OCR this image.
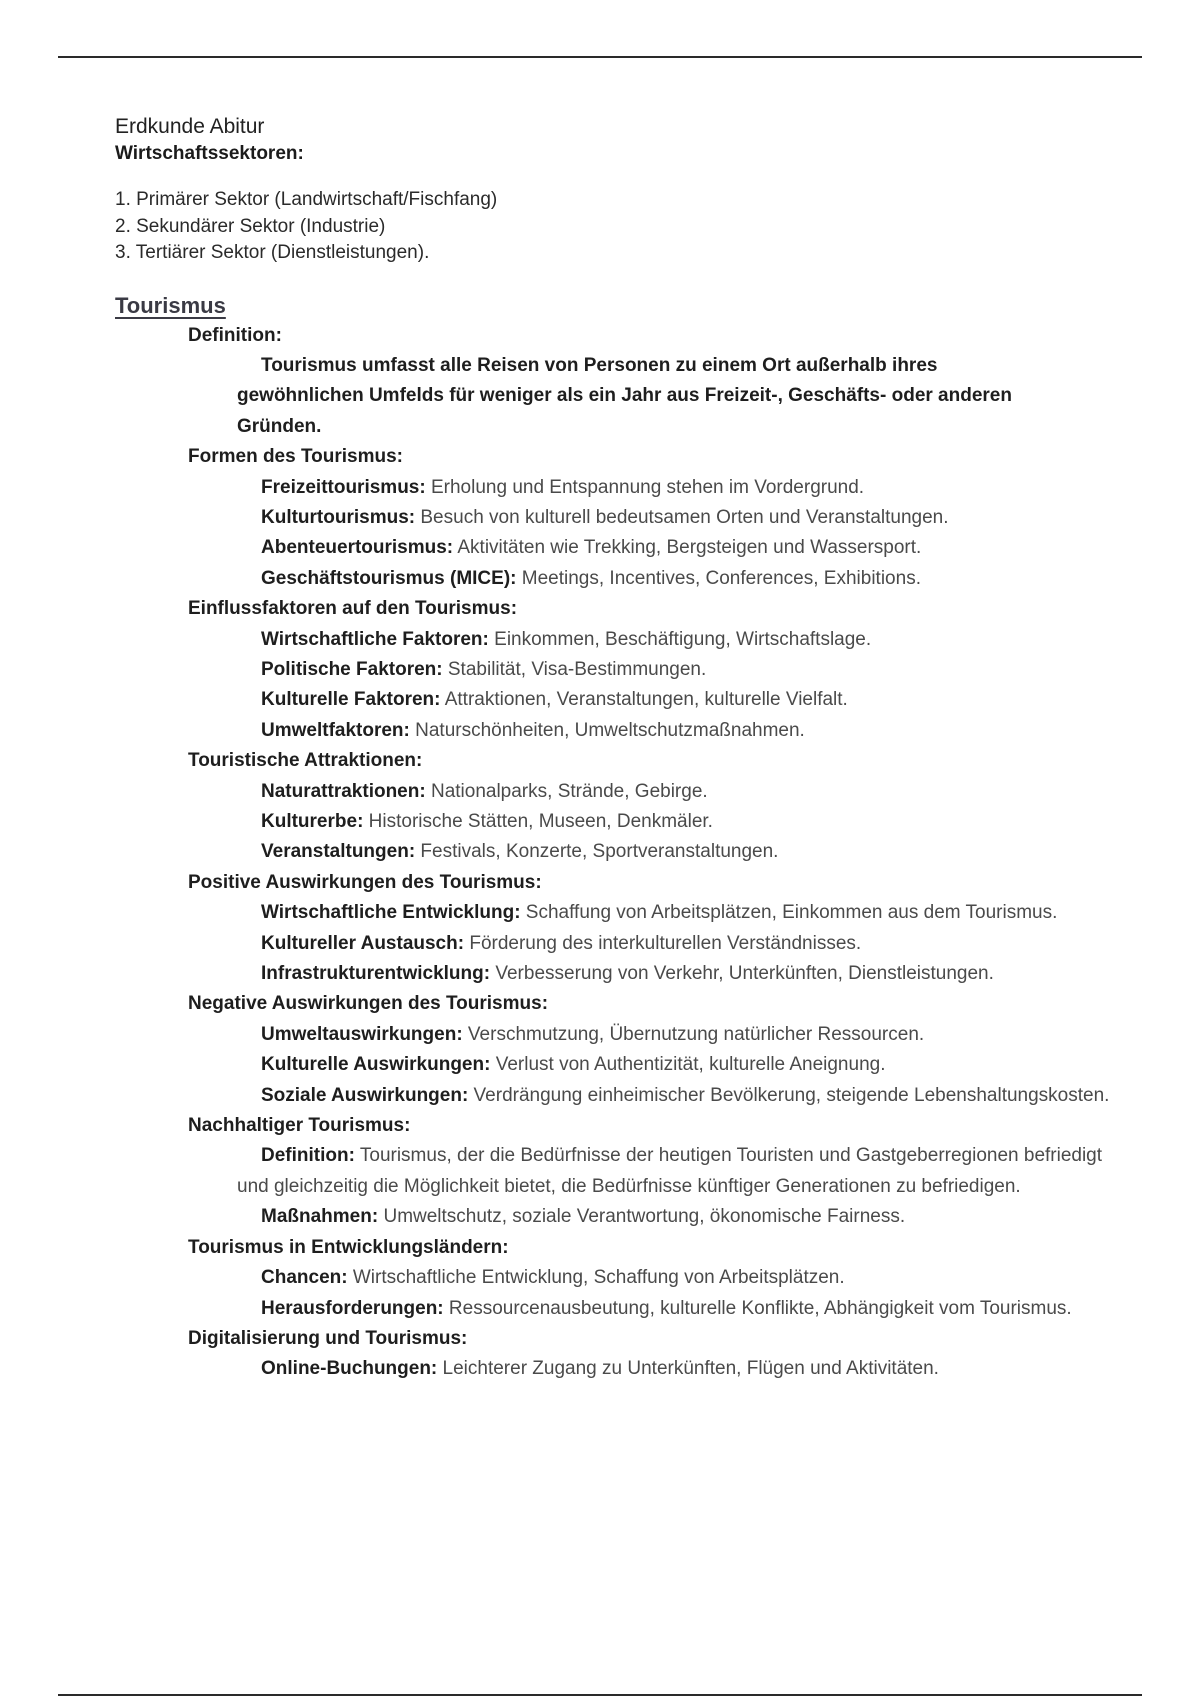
Erdkunde Abitur
Wirtschaftssektoren:
1. Primärer Sektor (Landwirtschaft/Fischfang)
2. Sekundärer Sektor (Industrie)
3. Tertiärer Sektor (Dienstleistungen).
Tourismus
Definition:
Tourismus umfasst alle Reisen von Personen zu einem Ort außerhalb ihres gewöhnlichen Umfelds für weniger als ein Jahr aus Freizeit-, Geschäfts- oder anderen Gründen.
Formen des Tourismus:
Freizeittourismus: Erholung und Entspannung stehen im Vordergrund.
Kulturtourismus: Besuch von kulturell bedeutsamen Orten und Veranstaltungen.
Abenteuertourismus: Aktivitäten wie Trekking, Bergsteigen und Wassersport.
Geschäftstourismus (MICE): Meetings, Incentives, Conferences, Exhibitions.
Einflussfaktoren auf den Tourismus:
Wirtschaftliche Faktoren: Einkommen, Beschäftigung, Wirtschaftslage.
Politische Faktoren: Stabilität, Visa-Bestimmungen.
Kulturelle Faktoren: Attraktionen, Veranstaltungen, kulturelle Vielfalt.
Umweltfaktoren: Naturschönheiten, Umweltschutzmaßnahmen.
Touristische Attraktionen:
Naturattraktionen: Nationalparks, Strände, Gebirge.
Kulturerbe: Historische Stätten, Museen, Denkmäler.
Veranstaltungen: Festivals, Konzerte, Sportveranstaltungen.
Positive Auswirkungen des Tourismus:
Wirtschaftliche Entwicklung: Schaffung von Arbeitsplätzen, Einkommen aus dem Tourismus.
Kultureller Austausch: Förderung des interkulturellen Verständnisses.
Infrastrukturentwicklung: Verbesserung von Verkehr, Unterkünften, Dienstleistungen.
Negative Auswirkungen des Tourismus:
Umweltauswirkungen: Verschmutzung, Übernutzung natürlicher Ressourcen.
Kulturelle Auswirkungen: Verlust von Authentizität, kulturelle Aneignung.
Soziale Auswirkungen: Verdrängung einheimischer Bevölkerung, steigende Lebenshaltungskosten.
Nachhaltiger Tourismus:
Definition: Tourismus, der die Bedürfnisse der heutigen Touristen und Gastgeberregionen befriedigt und gleichzeitig die Möglichkeit bietet, die Bedürfnisse künftiger Generationen zu befriedigen.
Maßnahmen: Umweltschutz, soziale Verantwortung, ökonomische Fairness.
Tourismus in Entwicklungsländern:
Chancen: Wirtschaftliche Entwicklung, Schaffung von Arbeitsplätzen.
Herausforderungen: Ressourcenausbeutung, kulturelle Konflikte, Abhängigkeit vom Tourismus.
Digitalisierung und Tourismus:
Online-Buchungen: Leichterer Zugang zu Unterkünften, Flügen und Aktivitäten.
